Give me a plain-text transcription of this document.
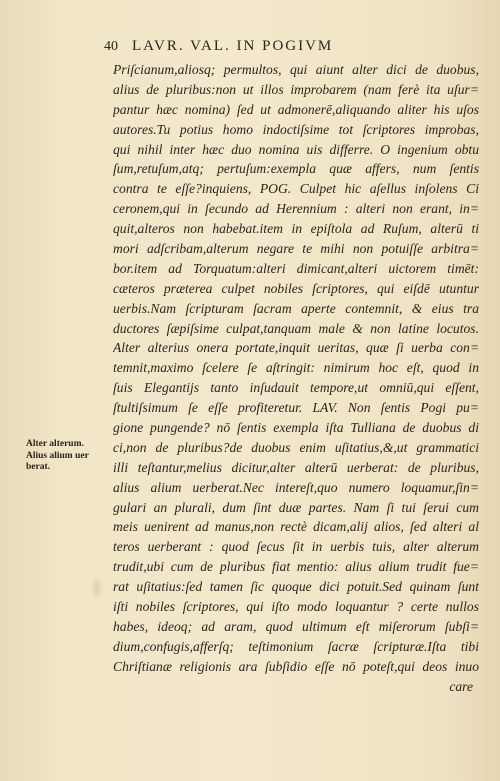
40 LAVR. VAL. IN POGIVM
Alter alterum.
Alius alium uer
berat.
Priſcianum,aliosq; permultos, qui aiunt alter dici de duobus,
alius de pluribus:non ut illos improbarem (nam ferè ita uſur=
pantur hæc nomina) ſed ut admonerē,aliquando aliter his uſos
autores.Tu potius homo indoctiſsime tot ſcriptores improbas,
qui nihil inter hæc duo nomina uis differre. O ingenium obtu
ſum,retuſum,atq; pertuſum:exempla quæ affers, num ſentis
contra te eſſe?inquiens, POG. Culpet hic aſellus inſolens Ci
ceronem,qui in ſecundo ad Herennium : alteri non erant, in=
quit,alteros non habebat.item in epiſtola ad Ruſum, alterū ti
mori adſcribam,alterum negare te mihi non potuiſſe arbitra=
bor.item ad Torquatum:alteri dimicant,alteri uictorem timēt:
cæteros præterea culpet nobiles ſcriptores, qui eiſdē utuntur
uerbis.Nam ſcripturam ſacram aperte contemnit, & eius tra
ductores ſæpiſsime culpat,tanquam male & non latine locutos.
Alter alterius onera portate,inquit ueritas, quæ ſi uerba con=
temnit,maximo ſcelere ſe aſtringit: nimirum hoc eſt, quod in
ſuis Elegantijs tanto inſudauit tempore,ut omniū,qui eſſent,
ſtultiſsimum ſe eſſe profiteretur. LAV. Non ſentis Pogi pu=
gione pungende? nō ſentis exempla iſta Tulliana de duobus di
ci,non de pluribus?de duobus enim uſitatius,&,ut grammatici
illi teſtantur,melius dicitur,alter alterū uerberat: de pluribus,
alius alium uerberat.Nec intereſt,quo numero loquamur,ſin=
gulari an plurali, dum ſint duæ partes. Nam ſi tui ſerui cum
meis uenirent ad manus,non rectè dicam,alij alios, ſed alteri al
teros uerberant : quod ſecus ſit in uerbis tuis, alter alterum
trudit,ubi cum de pluribus fiat mentio: alius alium trudit fue=
rat uſitatius:ſed tamen ſic quoque dici potuit.Sed quinam ſunt
iſti nobiles ſcriptores, qui iſto modo loquantur ? certe nullos
habes, ideoq; ad aram, quod ultimum eſt miſerorum ſubſi=
dium,confugis,afferſq; teſtimonium ſacræ ſcripturæ.Iſta tibi
Chriſtianæ religionis ara ſubſidio eſſe nō poteſt,qui deos inuo
care
